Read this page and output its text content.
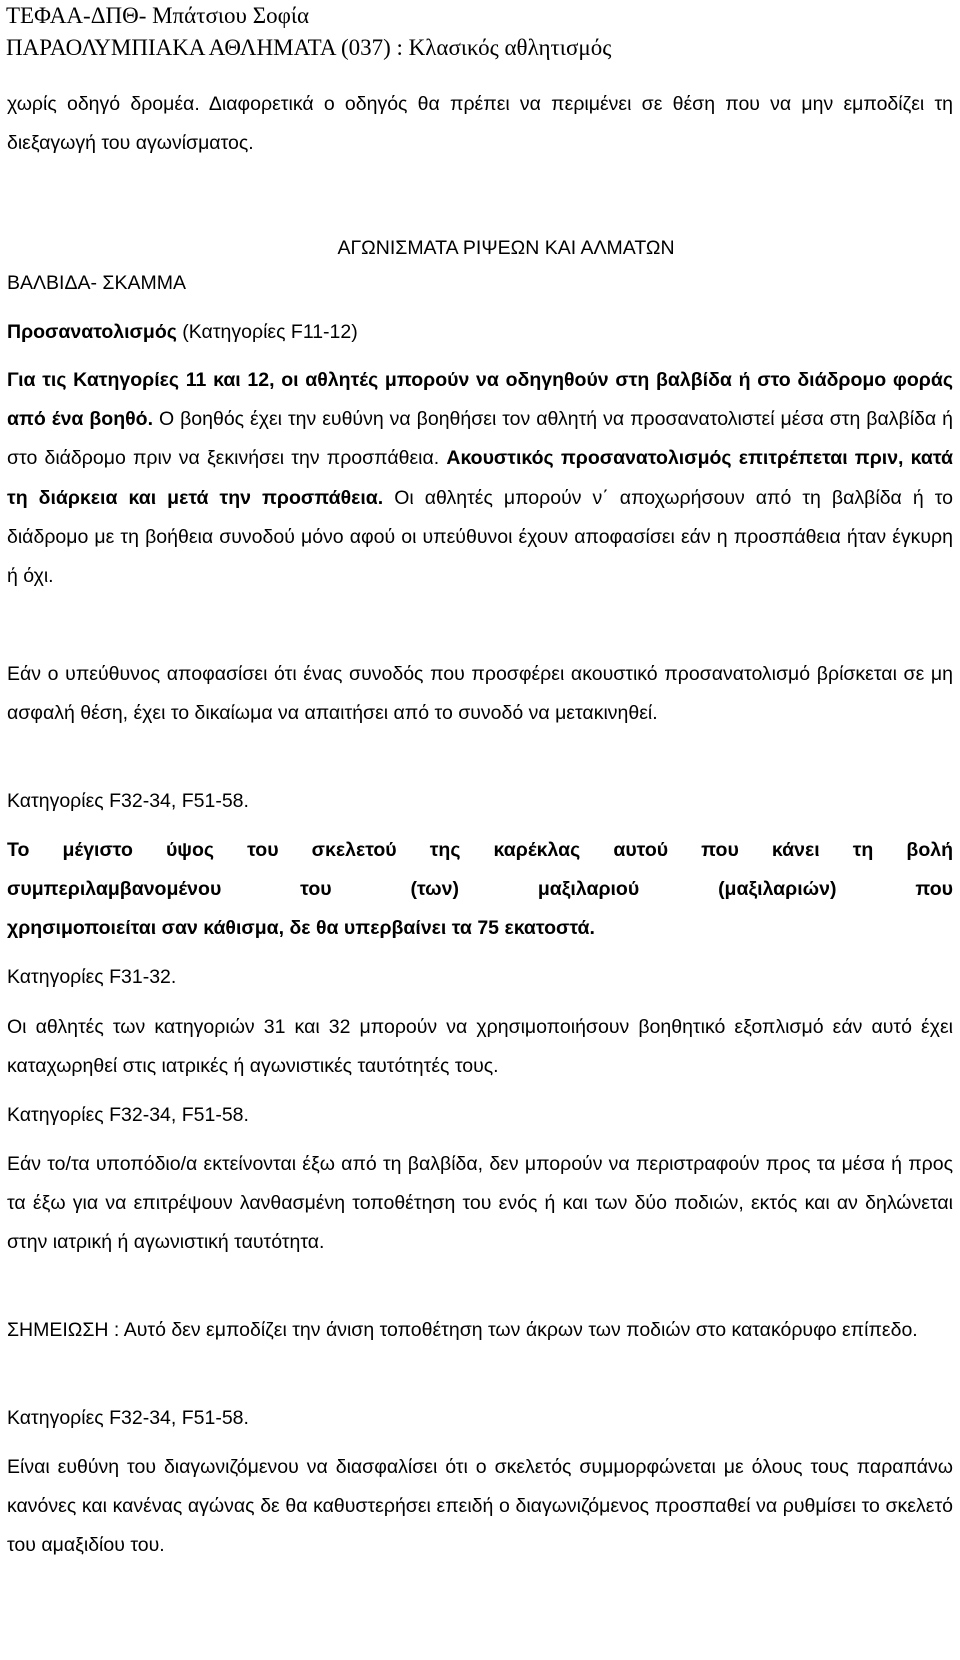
ΤΕΦΑΑ-ΔΠΘ- Μπάτσιου Σοφία
ΠΑΡΑΟΛΥΜΠΙΑΚΑ ΑΘΛΗΜΑΤΑ (037) : Κλασικός αθλητισμός

χωρίς οδηγό δρομέα. Διαφορετικά ο οδηγός θα πρέπει να περιμένει σε θέση που να μην εμποδίζει τη διεξαγωγή του αγωνίσματος.

ΑΓΩΝΙΣΜΑΤΑ ΡΙΨΕΩΝ ΚΑΙ ΑΛΜΑΤΩΝ

ΒΑΛΒΙΔΑ- ΣΚΑΜΜΑ

Προσανατολισμός (Κατηγορίες F11-12)

Για τις Κατηγορίες 11 και 12, οι αθλητές μπορούν να οδηγηθούν στη βαλβίδα ή στο διάδρομο φοράς από ένα βοηθό. Ο βοηθός έχει την ευθύνη να βοηθήσει τον αθλητή να προσανατολιστεί μέσα στη βαλβίδα ή στο διάδρομο πριν να ξεκινήσει την προσπάθεια. Ακουστικός προσανατολισμός επιτρέπεται πριν, κατά τη διάρκεια και μετά την προσπάθεια. Οι αθλητές μπορούν ν΄ αποχωρήσουν από τη βαλβίδα ή το διάδρομο με τη βοήθεια συνοδού μόνο αφού οι υπεύθυνοι έχουν αποφασίσει εάν η προσπάθεια ήταν έγκυρη ή όχι.

Εάν ο υπεύθυνος αποφασίσει ότι ένας συνοδός που προσφέρει ακουστικό προσανατολισμό βρίσκεται σε μη ασφαλή θέση, έχει το δικαίωμα να απαιτήσει από το συνοδό να μετακινηθεί.

Κατηγορίες F32-34, F51-58.

Το μέγιστο ύψος του σκελετού της καρέκλας αυτού που κάνει τη βολή
συμπεριλαμβανομένου του (των) μαξιλαριού (μαξιλαριών) που
χρησιμοποιείται σαν κάθισμα, δε θα υπερβαίνει τα 75 εκατοστά.

Κατηγορίες F31-32.

Οι αθλητές των κατηγοριών 31 και 32 μπορούν να χρησιμοποιήσουν βοηθητικό εξοπλισμό εάν αυτό έχει καταχωρηθεί στις ιατρικές ή αγωνιστικές ταυτότητές τους.

Κατηγορίες F32-34, F51-58.

Εάν το/τα υποπόδιο/α εκτείνονται έξω από τη βαλβίδα, δεν μπορούν να περιστραφούν προς τα μέσα ή προς τα έξω για να επιτρέψουν λανθασμένη τοποθέτηση του ενός ή και των δύο ποδιών, εκτός και αν δηλώνεται στην ιατρική ή αγωνιστική ταυτότητα.

ΣΗΜΕΙΩΣΗ : Αυτό δεν εμποδίζει την άνιση τοποθέτηση των άκρων των ποδιών στο κατακόρυφο επίπεδο.

Κατηγορίες F32-34, F51-58.

Είναι ευθύνη του διαγωνιζόμενου να διασφαλίσει ότι ο σκελετός συμμορφώνεται με όλους τους παραπάνω κανόνες και κανένας αγώνας δε θα καθυστερήσει επειδή ο διαγωνιζόμενος προσπαθεί να ρυθμίσει το σκελετό του αμαξιδίου του.
